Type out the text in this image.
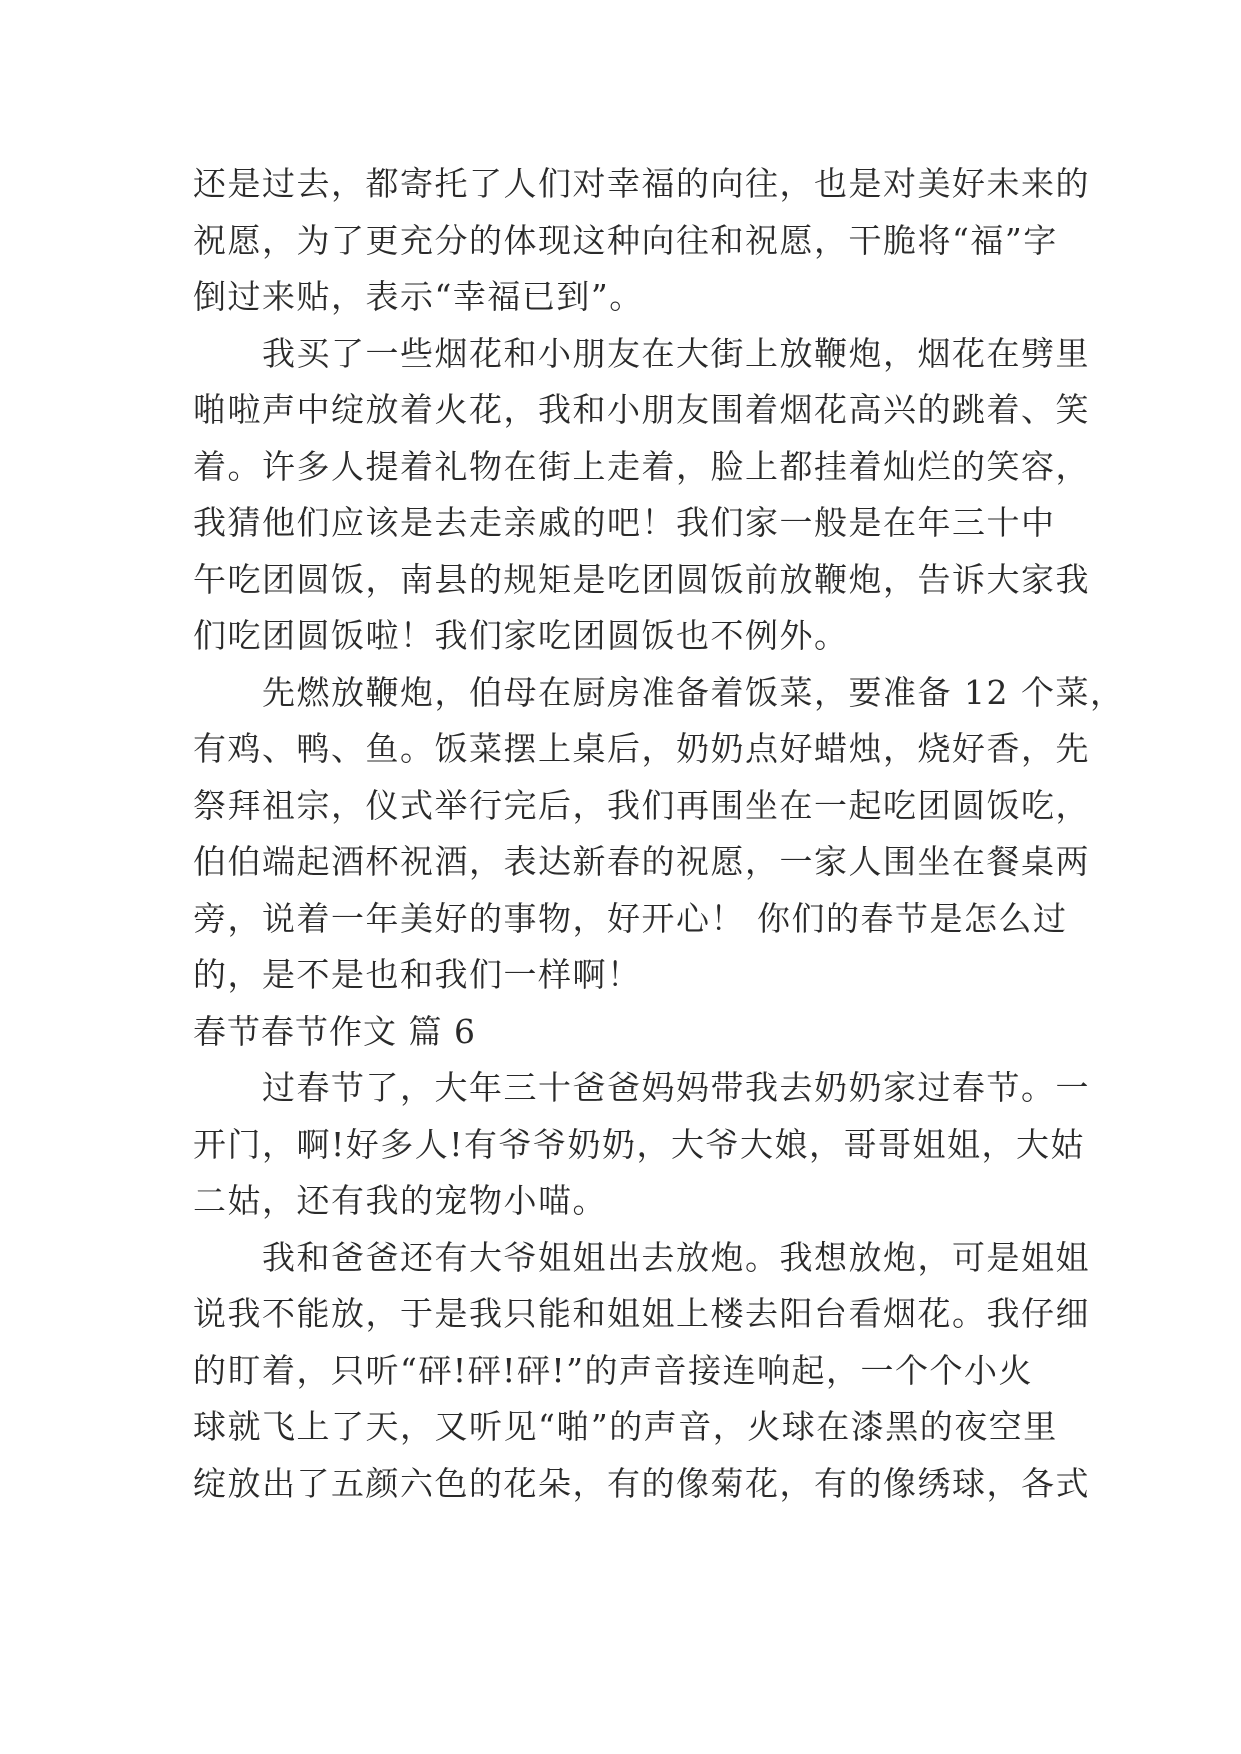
还是过去，都寄托了人们对幸福的向往，也是对美好未来的
祝愿，为了更充分的体现这种向往和祝愿，干脆将“福”字
倒过来贴，表示“幸福已到”。
　　我买了一些烟花和小朋友在大街上放鞭炮，烟花在劈里
啪啦声中绽放着火花，我和小朋友围着烟花高兴的跳着、笑
着。许多人提着礼物在街上走着，脸上都挂着灿烂的笑容，
我猜他们应该是去走亲戚的吧！我们家一般是在年三十中
午吃团圆饭，南县的规矩是吃团圆饭前放鞭炮，告诉大家我
们吃团圆饭啦！我们家吃团圆饭也不例外。
　　先燃放鞭炮，伯母在厨房准备着饭菜，要准备 12 个菜，
有鸡、鸭、鱼。饭菜摆上桌后，奶奶点好蜡烛，烧好香，先
祭拜祖宗，仪式举行完后，我们再围坐在一起吃团圆饭吃，
伯伯端起酒杯祝酒，表达新春的祝愿，一家人围坐在餐桌两
旁，说着一年美好的事物，好开心！ 你们的春节是怎么过
的，是不是也和我们一样啊！
春节春节作文 篇 6
　　过春节了，大年三十爸爸妈妈带我去奶奶家过春节。一
开门，啊!好多人!有爷爷奶奶，大爷大娘，哥哥姐姐，大姑
二姑，还有我的宠物小喵。
　　我和爸爸还有大爷姐姐出去放炮。我想放炮，可是姐姐
说我不能放，于是我只能和姐姐上楼去阳台看烟花。我仔细
的盯着，只听“砰!砰!砰!”的声音接连响起，一个个小火
球就飞上了天，又听见“啪”的声音，火球在漆黑的夜空里
绽放出了五颜六色的花朵，有的像菊花，有的像绣球，各式
